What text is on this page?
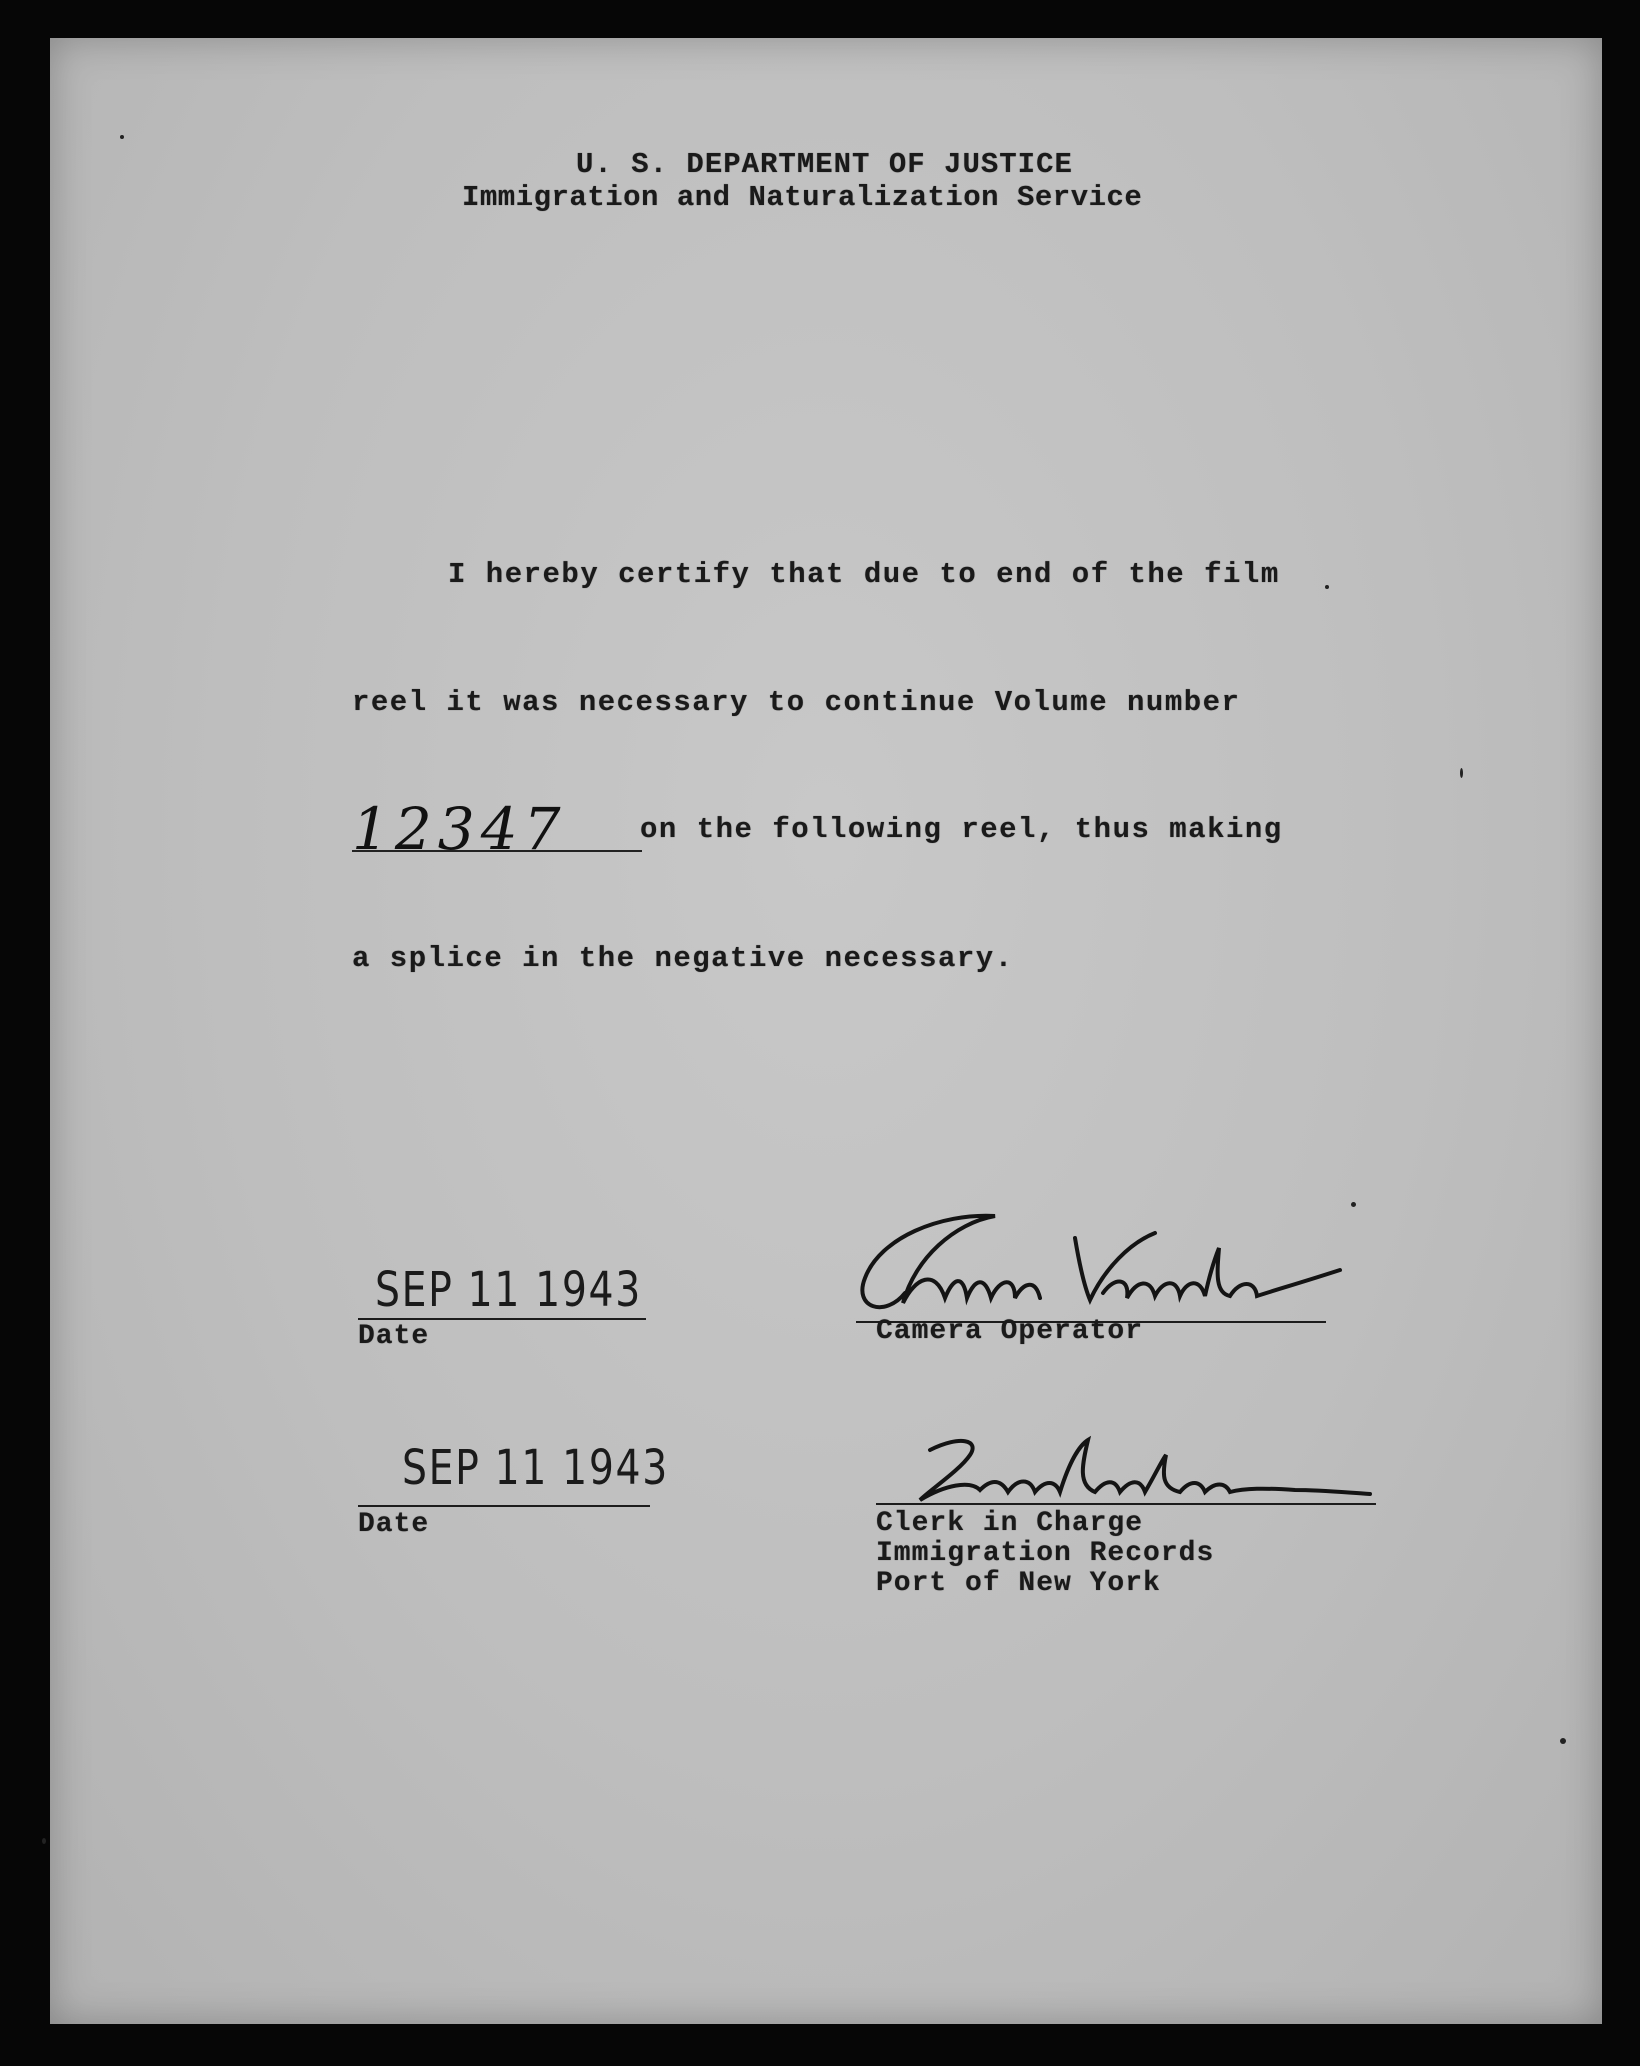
U. S. DEPARTMENT OF JUSTICE
Immigration and Naturalization Service
I hereby certify that due to end of the film
reel it was necessary to continue Volume number
12347	on the following reel, thus making
a splice in the negative necessary.
SEP 11 1943
Date	Camera Operator
SEP 11 1943
Date	Clerk in Charge
Immigration Records
Port of New York
